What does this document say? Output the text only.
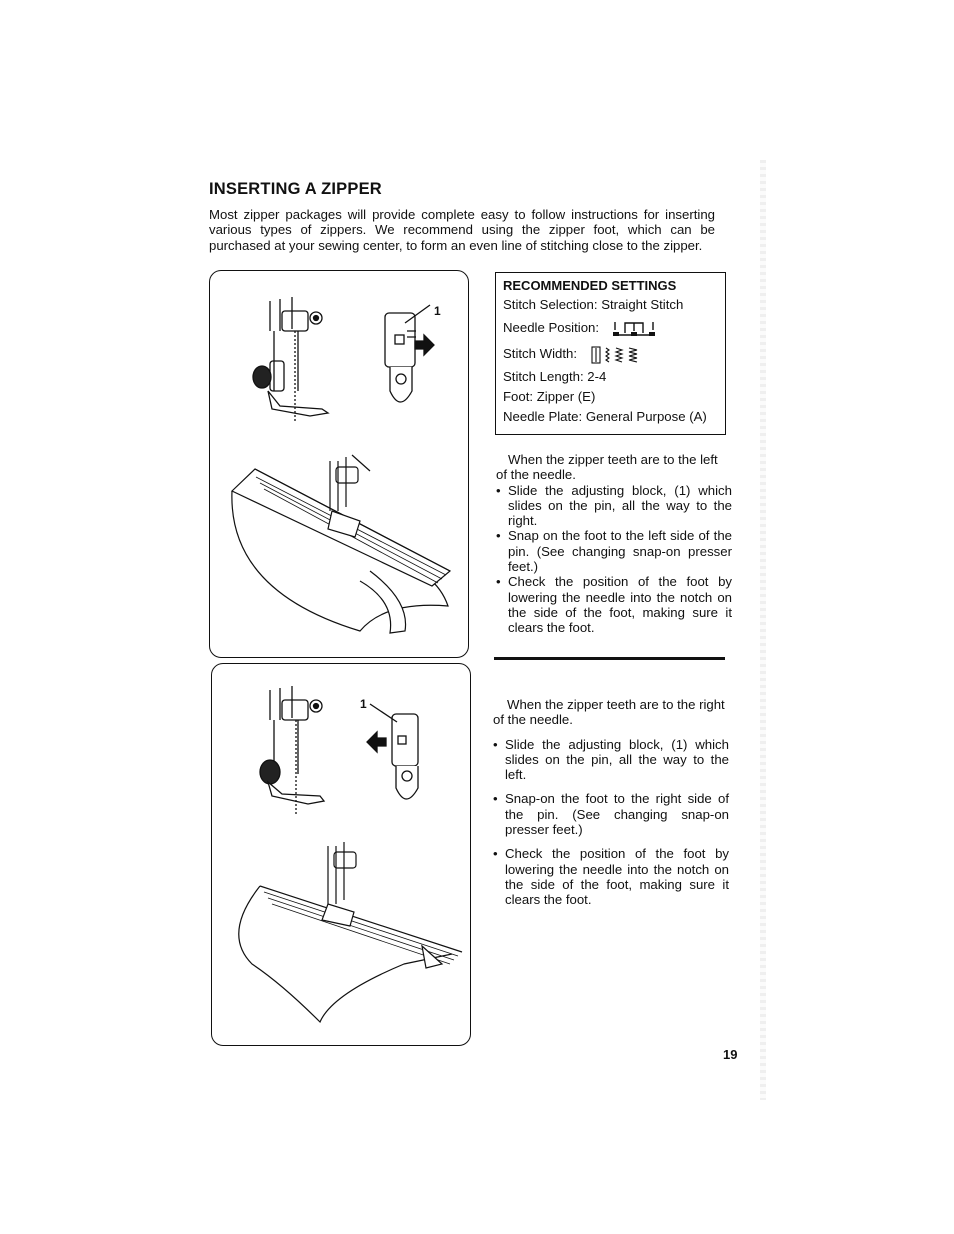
INSERTING A ZIPPER
Most zipper packages will provide complete easy to follow instructions for inserting
various types of zippers. We recommend using the zipper foot, which can be
purchased at your sewing center, to form an even line of stitching close to the zipper.
1
1
RECOMMENDED SETTINGS
Stitch Selection: Straight Stitch
Needle Position:
Stitch Width:
Stitch Length: 2-4
Foot: Zipper (E)
Needle Plate: General Purpose (A)
When the zipper teeth are to the left of the needle.
• Slide the adjusting block, (1) which slides on the pin, all the way to the right.
• Snap on the foot to the left side of the pin. (See changing snap-on presser feet.)
• Check the position of the foot by lowering the needle into the notch on the side of the foot, making sure it clears the foot.
When the zipper teeth are to the right of the needle.
• Slide the adjusting block, (1) which slides on the pin, all the way to the left.
• Snap-on the foot to the right side of the pin. (See changing snap-on presser feet.)
• Check the position of the foot by lowering the needle into the notch on the side of the foot, making sure it clears the foot.
19
